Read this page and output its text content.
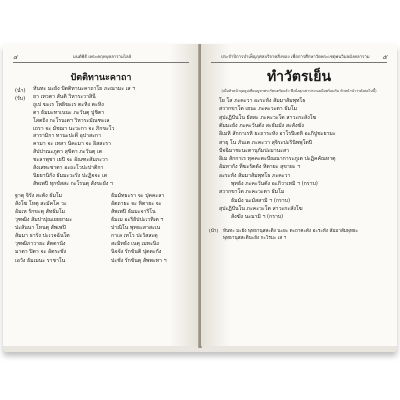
๔	มนต์พิธี เพระคฤหบุคลารามไลล์
ปัตติทานะคาถา
(นำ) หันทะ มะยัง ปัตติทานะคาถาโย ภะณามะ เส ฯ
(รับ) ยา เทวตา สันติ วิหาระวาสินี
ถูเป ฆะเร โพธิฆะเร ตะหิง ตะหิง
ตา ธัมมะทาเนนะ ภะวันตุ ปูชิตา
โสตถิง กะโรนเตฯ วิหาระมัณฑะเล
เถรา จะ มัชฌา นะวะกา จะ ภิกขะโว
สารามิกา ทานะปะตี อุปาสะกา
คามา จะ เทสา นิคะมา จะ อิสสะรา
สัปปาณะภูตา สุขิตา ภะวันตุ เต
ชะลาพุชา เยปิ จะ อัณฑะสัมภะวา
สังเสทะชาตา อะถะโวปะปาติกา
นิยยานิกัง ธัมมะวะรัง ปะฏิจจะ เต
สัพเพปิ ทุกขัสสะ กะโรนตุ สังขะยัง ฯ
ฐาตุ จิรัง สะตัง ธัมโม	ธัมมัทธะรา จะ ปุคคะลา
สังโฆ โหตุ สะมัคโค วะ	อัตถายะ จะ หิตายะ จะ
อัมเห รักขะตุ สัทธัมโม	สัพเพปิ ธัมมะจาริโน
วุฑฒิง สัมปาปุณเยยยามะ	ธัมเม อะริยัปปะเวทิเต ฯ
ปะสันนา โหนตุ สัพเพปิ	ปาณิโน พุทธะสาสะเน
สัมมา ธารัง ปะเวจฉันโต	กาเล เทโว ปะวัสสะตุ
วุฑฒิภาวายะ สัตตานัง	สะมิทธัง เนตุ เมทะนิง
มาตา ปิตา จะ อัตระชัง	นิจจัง รักขันติ ปุตตะกัง
เอวัง ธัมเมนะ ราชาโน	ปะชัง รักขันตุ สัพพะทา ฯ
ประจำปีการบำเพ็ญกุศลบริจาคสิ่งของ เพื่อการศึกษาวัดพระเชตุพนวิมลมังคลาราม ๕
ทำวัตรเย็น
(เมื่อหัวหน้าจุดธูปเทียนบูชาพระรัตนตรัยแล้ว พึงนั่งคุกเข่าประณมมือพร้อมกัน หัวหน้านำว่าดังต่อไปนี้)
โย โส ภะคะวา อะระหัง สัมมาสัมพุทโธ
สวากขาโต เยนะ ภะคะวะตา ธัมโม
สุปะฏิปันโน ยัสสะ ภะคะวะโต สาวะกะสังโฆ
ตัมมะยัง ภะคะวันตัง สะธัมมัง สะสังฆัง
อิเมหิ สักกาเรหิ ยะถาระหัง อาโรปิเตหิ อะภิปูชะยามะ
สาธุ โน ภันเต ภะคะวา สุจิระปะรินิพพุโตปิ
ปัจฉิมาชะนะตานุกัมปะมานะสา
อิเม สักกาเร ทุคคะตะปัณณาการะภูเต ปะฏิคคัณหาตุ
อัมหากัง ทีฆะรัตตัง หิตายะ สุขายะ ฯ
อะระหัง สัมมาสัมพุทโธ ภะคะวา
พุทธัง ภะคะวันตัง อะภิวาเทมิ ฯ (กราบ)
สวากขาโต ภะคะวะตา ธัมโม
ธัมมัง นะมัสสามิ ฯ (กราบ)
สุปะฏิปันโน ภะคะวะโต สาวะกะสังโฆ
สังฆัง นะมามิ ฯ (กราบ)
(นำ) หันทะ มะยัง พุทธานุสสะติง นะยะ ตะถาคะตัง อะระหัง สัมมาสัมพุทธะ
พุทธานุสสะตินะยัง กะโรมะ เส ฯ
